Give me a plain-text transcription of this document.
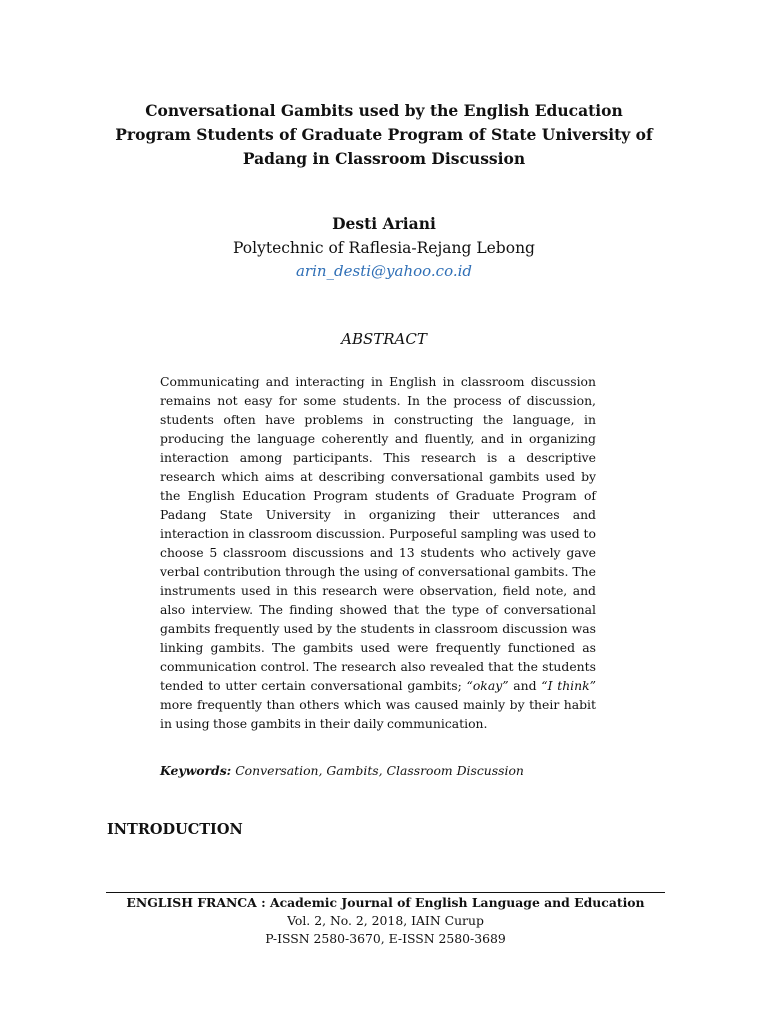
Conversational Gambits used by the English Education
Program Students of Graduate Program of State University of
Padang in Classroom Discussion
Desti Ariani
Polytechnic of Raflesia-Rejang Lebong
arin_desti@yahoo.co.id
ABSTRACT
Communicating and interacting in English in classroom discussion remains not easy for some students. In the process of discussion, students often have problems in constructing the language, in producing the language coherently and fluently, and in organizing interaction among participants. This research is a descriptive research which aims at describing conversational gambits used by the English Education Program students of Graduate Program of Padang State University in organizing their utterances and interaction in classroom discussion. Purposeful sampling was used to choose 5 classroom discussions and 13 students who actively gave verbal contribution through the using of conversational gambits. The instruments used in this research were observation, field note, and also interview. The finding showed that the type of conversational gambits frequently used by the students in classroom discussion was linking gambits. The gambits used were frequently functioned as communication control. The research also revealed that the students tended to utter certain conversational gambits; “okay” and “I think” more frequently than others which was caused mainly by their habit in using those gambits in their daily communication.
Keywords: Conversation, Gambits, Classroom Discussion
INTRODUCTION
ENGLISH FRANCA : Academic Journal of English Language and Education
Vol. 2, No. 2, 2018, IAIN Curup
P-ISSN 2580-3670, E-ISSN 2580-3689
